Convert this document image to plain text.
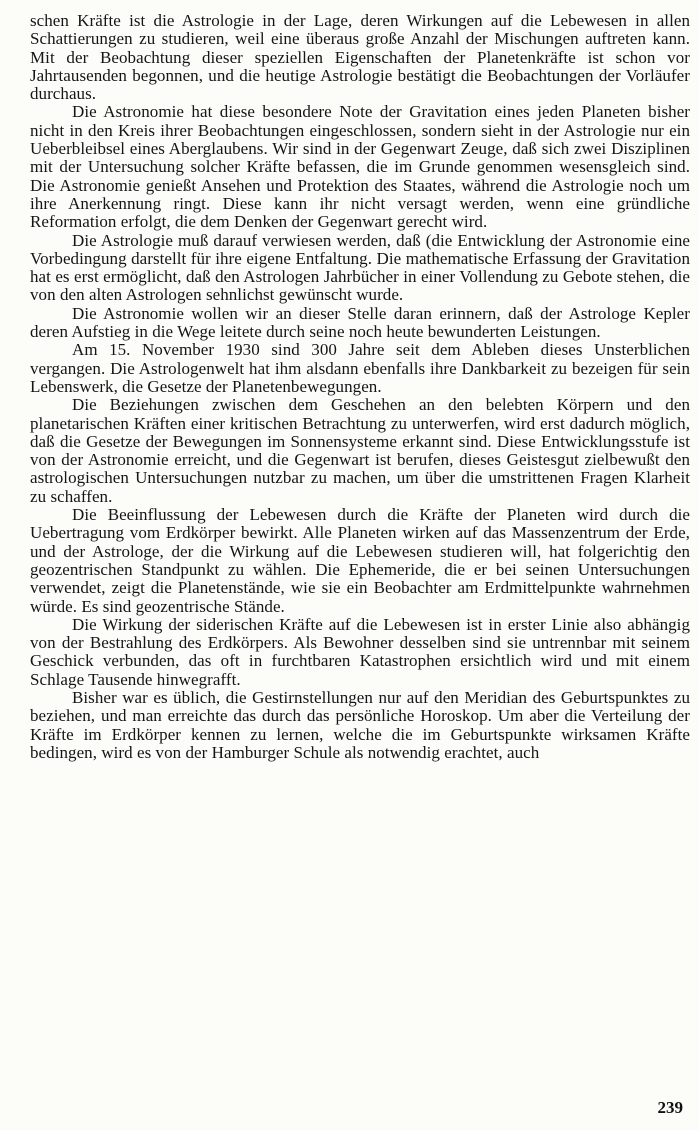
schen Kräfte ist die Astrologie in der Lage, deren Wirkungen auf die Lebewesen in allen Schattierungen zu studieren, weil eine überaus große Anzahl der Mischungen auftreten kann. Mit der Beobachtung dieser speziellen Eigenschaften der Planetenkräfte ist schon vor Jahrtausenden begonnen, und die heutige Astrologie bestätigt die Beobachtungen der Vorläufer durchaus.

Die Astronomie hat diese besondere Note der Gravitation eines jeden Planeten bisher nicht in den Kreis ihrer Beobachtungen eingeschlossen, sondern sieht in der Astrologie nur ein Ueberbleibsel eines Aberglaubens. Wir sind in der Gegenwart Zeuge, daß sich zwei Disziplinen mit der Untersuchung solcher Kräfte befassen, die im Grunde genommen wesensgleich sind. Die Astronomie genießt Ansehen und Protektion des Staates, während die Astrologie noch um ihre Anerkennung ringt. Diese kann ihr nicht versagt werden, wenn eine gründliche Reformation erfolgt, die dem Denken der Gegenwart gerecht wird.

Die Astrologie muß darauf verwiesen werden, daß (die Entwicklung der Astronomie eine Vorbedingung darstellt für ihre eigene Entfaltung. Die mathematische Erfassung der Gravitation hat es erst ermöglicht, daß den Astrologen Jahrbücher in einer Vollendung zu Gebote stehen, die von den alten Astrologen sehnlichst gewünscht wurde.

Die Astronomie wollen wir an dieser Stelle daran erinnern, daß der Astrologe Kepler deren Aufstieg in die Wege leitete durch seine noch heute bewunderten Leistungen.

Am 15. November 1930 sind 300 Jahre seit dem Ableben dieses Unsterblichen vergangen. Die Astrologenwelt hat ihm alsdann ebenfalls ihre Dankbarkeit zu bezeigen für sein Lebenswerk, die Gesetze der Planetenbewegungen.

Die Beziehungen zwischen dem Geschehen an den belebten Körpern und den planetarischen Kräften einer kritischen Betrachtung zu unterwerfen, wird erst dadurch möglich, daß die Gesetze der Bewegungen im Sonnensysteme erkannt sind. Diese Entwicklungsstufe ist von der Astronomie erreicht, und die Gegenwart ist berufen, dieses Geistesgut zielbewußt den astrologischen Untersuchungen nutzbar zu machen, um über die umstrittenen Fragen Klarheit zu schaffen.

Die Beeinflussung der Lebewesen durch die Kräfte der Planeten wird durch die Uebertragung vom Erdkörper bewirkt. Alle Planeten wirken auf das Massenzentrum der Erde, und der Astrologe, der die Wirkung auf die Lebewesen studieren will, hat folgerichtig den geozentrischen Standpunkt zu wählen. Die Ephemeride, die er bei seinen Untersuchungen verwendet, zeigt die Planetenstände, wie sie ein Beobachter am Erdmittelpunkte wahrnehmen würde. Es sind geozentrische Stände.

Die Wirkung der siderischen Kräfte auf die Lebewesen ist in erster Linie also abhängig von der Bestrahlung des Erdkörpers. Als Bewohner desselben sind sie untrennbar mit seinem Geschick verbunden, das oft in furchtbaren Katastrophen ersichtlich wird und mit einem Schlage Tausende hinwegrafft.

Bisher war es üblich, die Gestirnstellungen nur auf den Meridian des Geburtspunktes zu beziehen, und man erreichte das durch das persönliche Horoskop. Um aber die Verteilung der Kräfte im Erdkörper kennen zu lernen, welche die im Geburtspunkte wirksamen Kräfte bedingen, wird es von der Hamburger Schule als notwendig erachtet, auch

239
